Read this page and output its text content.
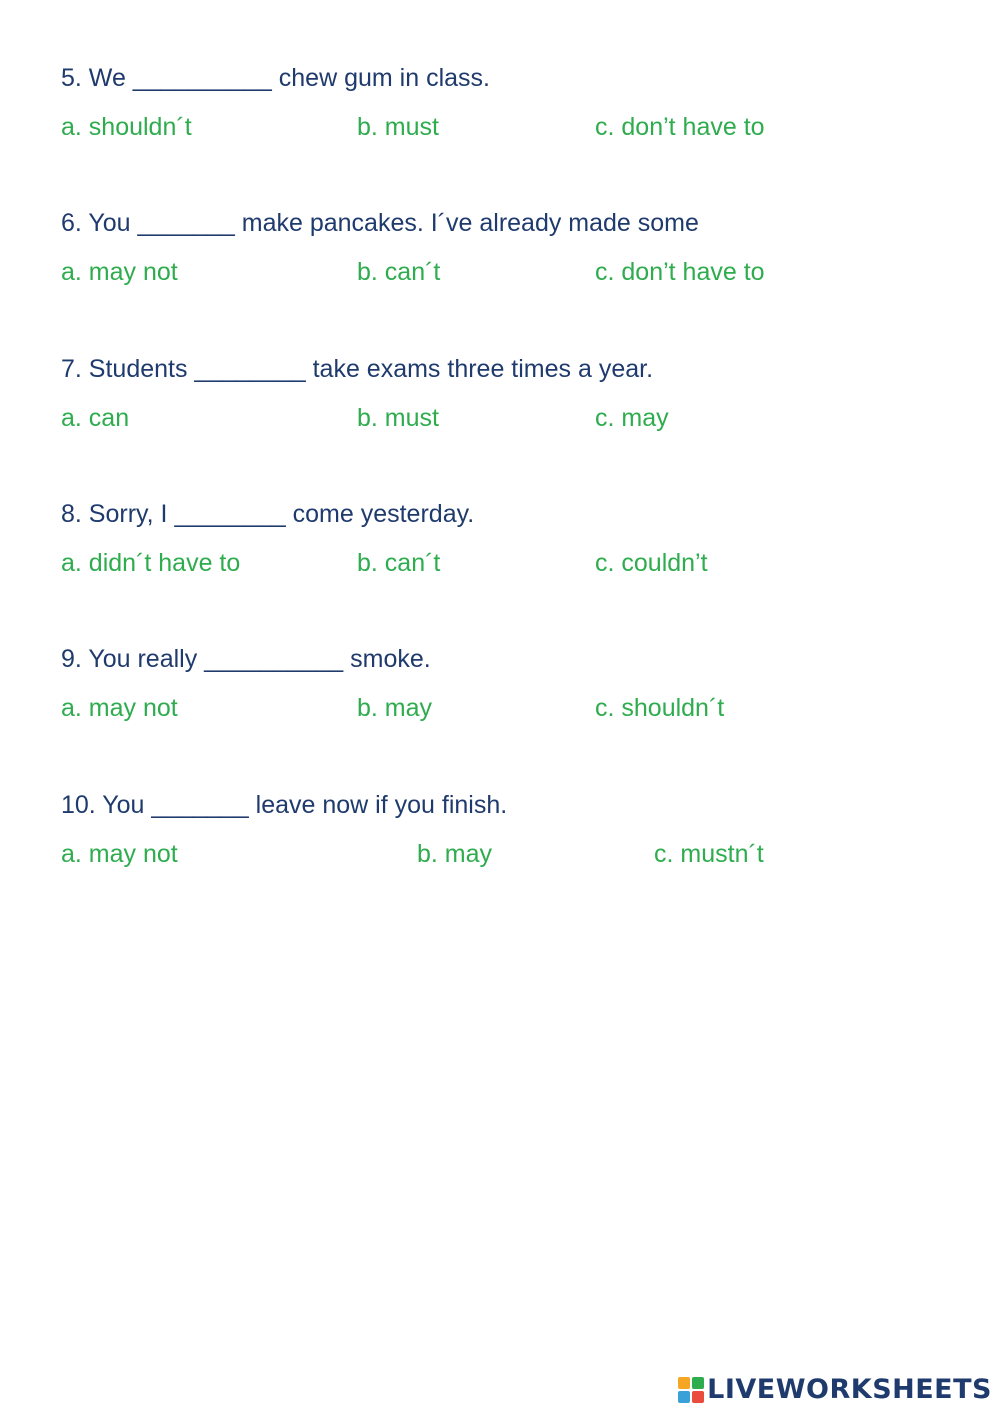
5. We __________ chew gum in class.
a. shouldn´t	b. must	c. don’t have to
6. You _______ make pancakes. I´ve already made some
a. may not	b. can´t	c. don’t have to
7. Students ________ take exams three times a year.
a. can	b. must	c. may
8. Sorry, I ________ come yesterday.
a. didn´t have to	b. can´t	c. couldn’t
9. You really __________ smoke.
a. may not	b. may	c. shouldn´t
10. You _______ leave now if you finish.
a. may not	b. may	c. mustn´t
LIVEWORKSHEETS
